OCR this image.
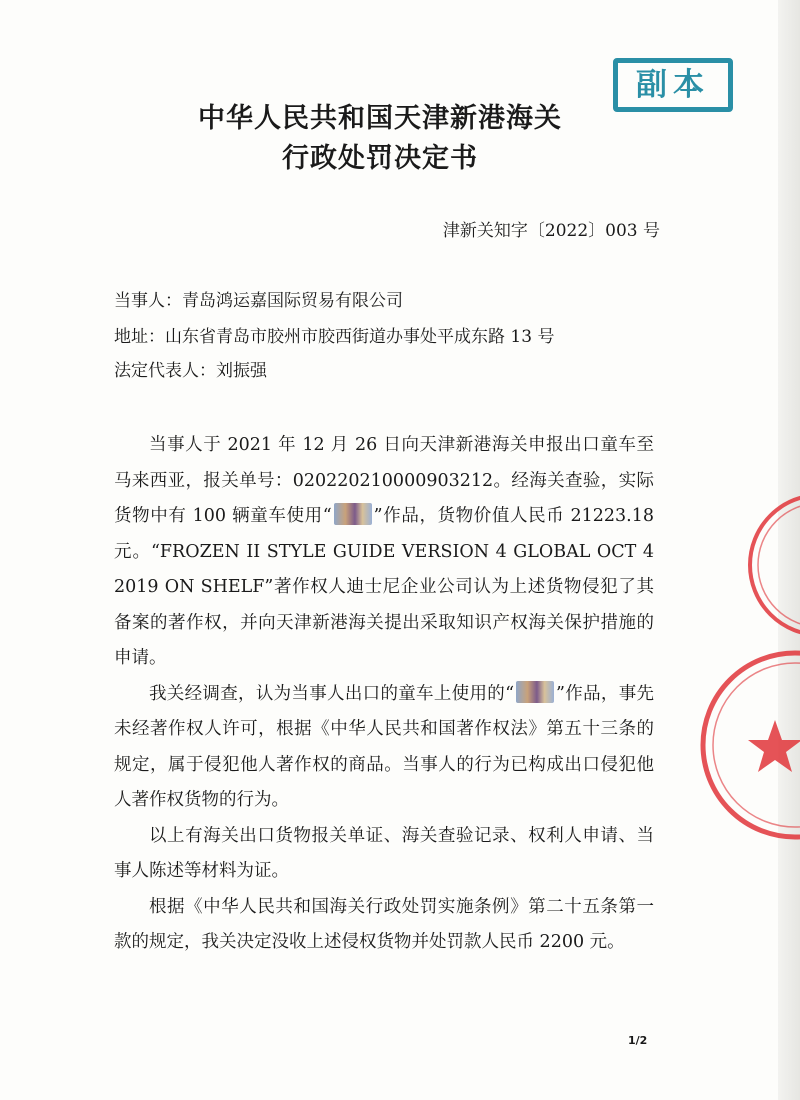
副本
中华人民共和国天津新港海关
行政处罚决定书
津新关知字〔2022〕003 号
当事人：青岛鸿运嘉国际贸易有限公司
地址：山东省青岛市胶州市胶西街道办事处平成东路 13 号
法定代表人：刘振强

当事人于 2021 年 12 月 26 日向天津新港海关申报出口童车至马来西亚，报关单号：020220210000903212。经海关查验，实际货物中有 100 辆童车使用“ ”作品，货物价值人民币 21223.18 元。“FROZEN II STYLE GUIDE VERSION 4 GLOBAL OCT 4 2019 ON SHELF”著作权人迪士尼企业公司认为上述货物侵犯了其备案的著作权，并向天津新港海关提出采取知识产权海关保护措施的申请。

我关经调查，认为当事人出口的童车上使用的“ ”作品，事先未经著作权人许可，根据《中华人民共和国著作权法》第五十三条的规定，属于侵犯他人著作权的商品。当事人的行为已构成出口侵犯他人著作权货物的行为。

以上有海关出口货物报关单证、海关查验记录、权利人申请、当事人陈述等材料为证。

根据《中华人民共和国海关行政处罚实施条例》第二十五条第一款的规定，我关决定没收上述侵权货物并处罚款人民币 2200 元。

1/2
